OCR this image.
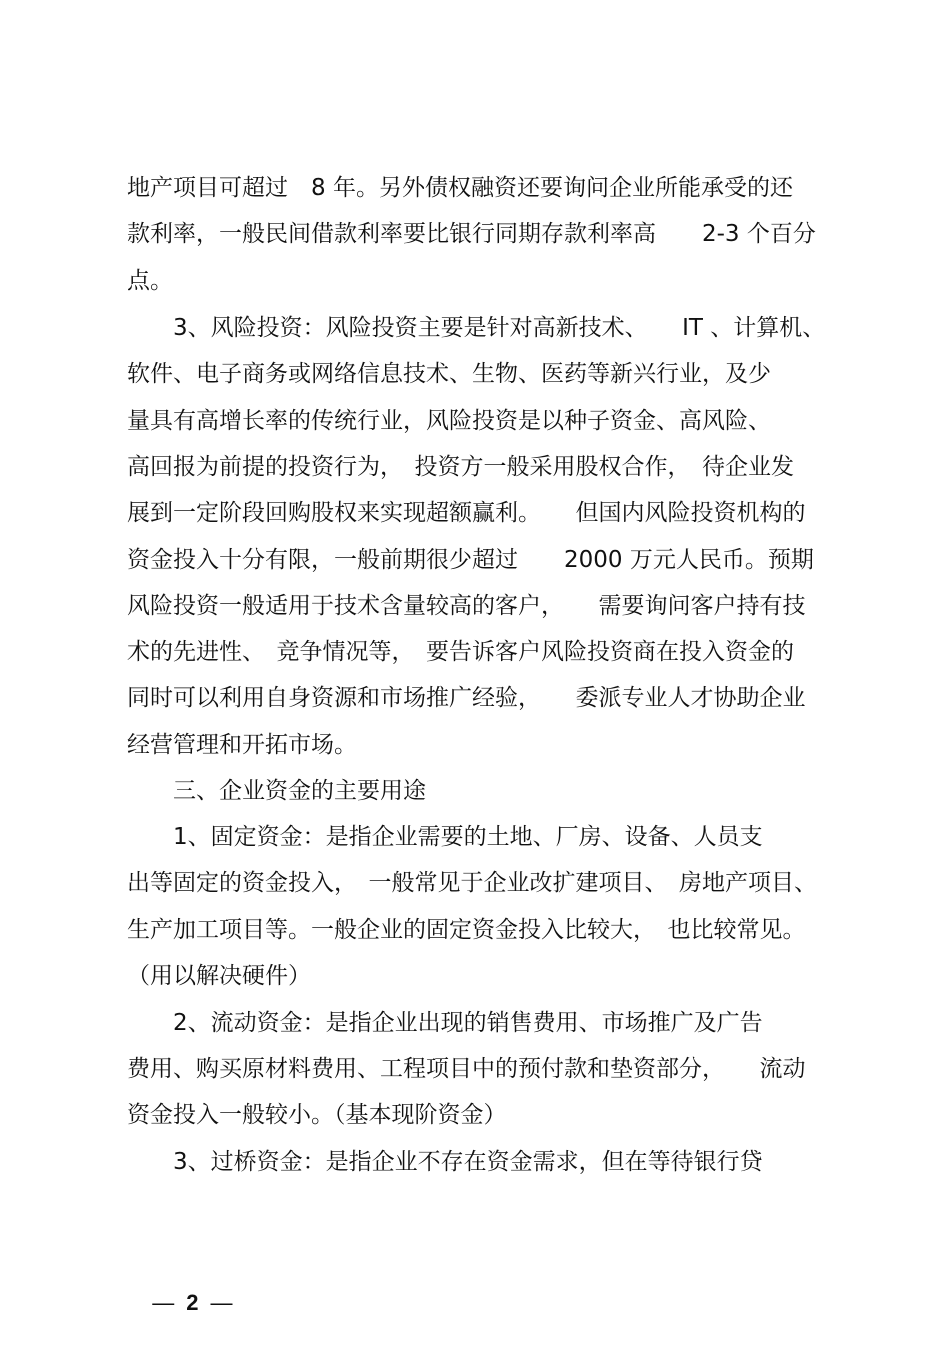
地产项目可超过　8 年。另外债权融资还要询问企业所能承受的还
款利率，一般民间借款利率要比银行同期存款利率高　　2-3 个百分
点。
　　3、风险投资：风险投资主要是针对高新技术、　　IT 、计算机、
软件、电子商务或网络信息技术、生物、医药等新兴行业，及少
量具有高增长率的传统行业，风险投资是以种子资金、高风险、
高回报为前提的投资行为，　投资方一般采用股权合作，　待企业发
展到一定阶段回购股权来实现超额赢利。　　但国内风险投资机构的
资金投入十分有限，一般前期很少超过　　2000 万元人民币。预期
风险投资一般适用于技术含量较高的客户，　　需要询问客户持有技
术的先进性、　竞争情况等，　要告诉客户风险投资商在投入资金的
同时可以利用自身资源和市场推广经验，　　委派专业人才协助企业
经营管理和开拓市场。
　　三、企业资金的主要用途
　　1、固定资金：是指企业需要的土地、厂房、设备、人员支
出等固定的资金投入，　一般常见于企业改扩建项目、　房地产项目、
生产加工项目等。一般企业的固定资金投入比较大，　也比较常见。
（用以解决硬件）
　　2、流动资金：是指企业出现的销售费用、市场推广及广告
费用、购买原材料费用、工程项目中的预付款和垫资部分，　　流动
资金投入一般较小。（基本现阶资金）
　　3、过桥资金：是指企业不存在资金需求，但在等待银行贷

— 2 —
